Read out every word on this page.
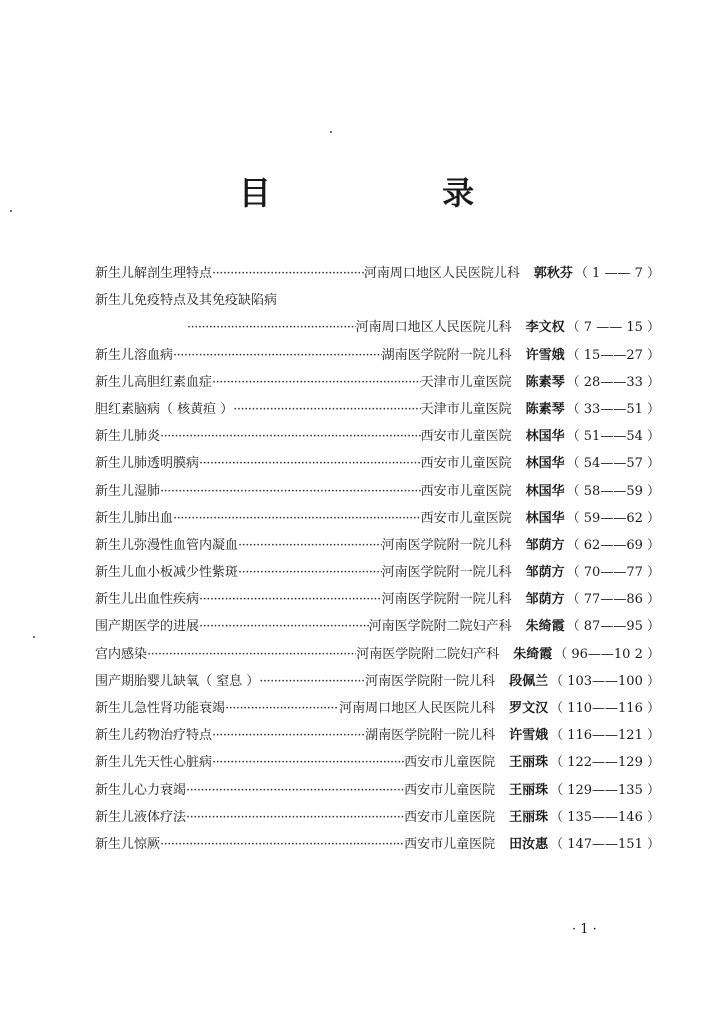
目 录
新生儿解剖生理特点 ·····	河南周口地区人民医院儿科 郭秋芬 （ 1 —— 7 ）
新生儿免疫特点及其免疫缺陷病
·····
河南周口地区人民医院儿科 李文权 （ 7 —— 15 ）
新生儿溶血病 ·····	湖南医学院附一院儿科 许雪娥 （ 15——27 ）
新生儿高胆红素血症 ·····	天津市儿童医院 陈素琴 （ 28——33 ）
胆红素脑病（ 核黄疸 ） ·····	天津市儿童医院 陈素琴 （ 33——51 ）
新生儿肺炎 ·····	西安市儿童医院 林国华 （ 51——54 ）
新生儿肺透明膜病 ·····	西安市儿童医院 林国华 （ 54——57 ）
新生儿湿肺 ·····	西安市儿童医院 林国华 （ 58——59 ）
新生儿肺出血 ·····	西安市儿童医院 林国华 （ 59——62 ）
新生儿弥漫性血管内凝血 ·····	河南医学院附一院儿科 邹荫方 （ 62——69 ）
新生儿血小板减少性紫斑 ·····	河南医学院附一院儿科 邹荫方 （ 70——77 ）
新生儿出血性疾病 ·····	河南医学院附一院儿科 邹荫方 （ 77——86 ）
围产期医学的进展 ·····	河南医学院附二院妇产科 朱绮霞 （ 87——95 ）
宫内感染 ·····	河南医学院附二院妇产科 朱绮霞 （ 96——10 2 ）
围产期胎婴儿缺氧（ 窒息 ） ·····	河南医学院附一院儿科 段佩兰 （ 103——100 ）
新生儿急性肾功能衰竭 ·····	河南周口地区人民医院儿科 罗文汉 （ 110——116 ）
新生儿药物治疗特点 ·····	湖南医学院附一院儿科 许雪娥 （ 116——121 ）
新生儿先天性心脏病 ·····	西安市儿童医院 王丽珠 （ 122——129 ）
新生儿心力衰竭 ·····	西安市儿童医院 王丽珠 （ 129——135 ）
新生儿液体疗法 ·····	西安市儿童医院 王丽珠 （ 135——146 ）
新生儿惊厥 ·····	西安市儿童医院 田汝惠 （ 147——151 ）
· 1 ·
